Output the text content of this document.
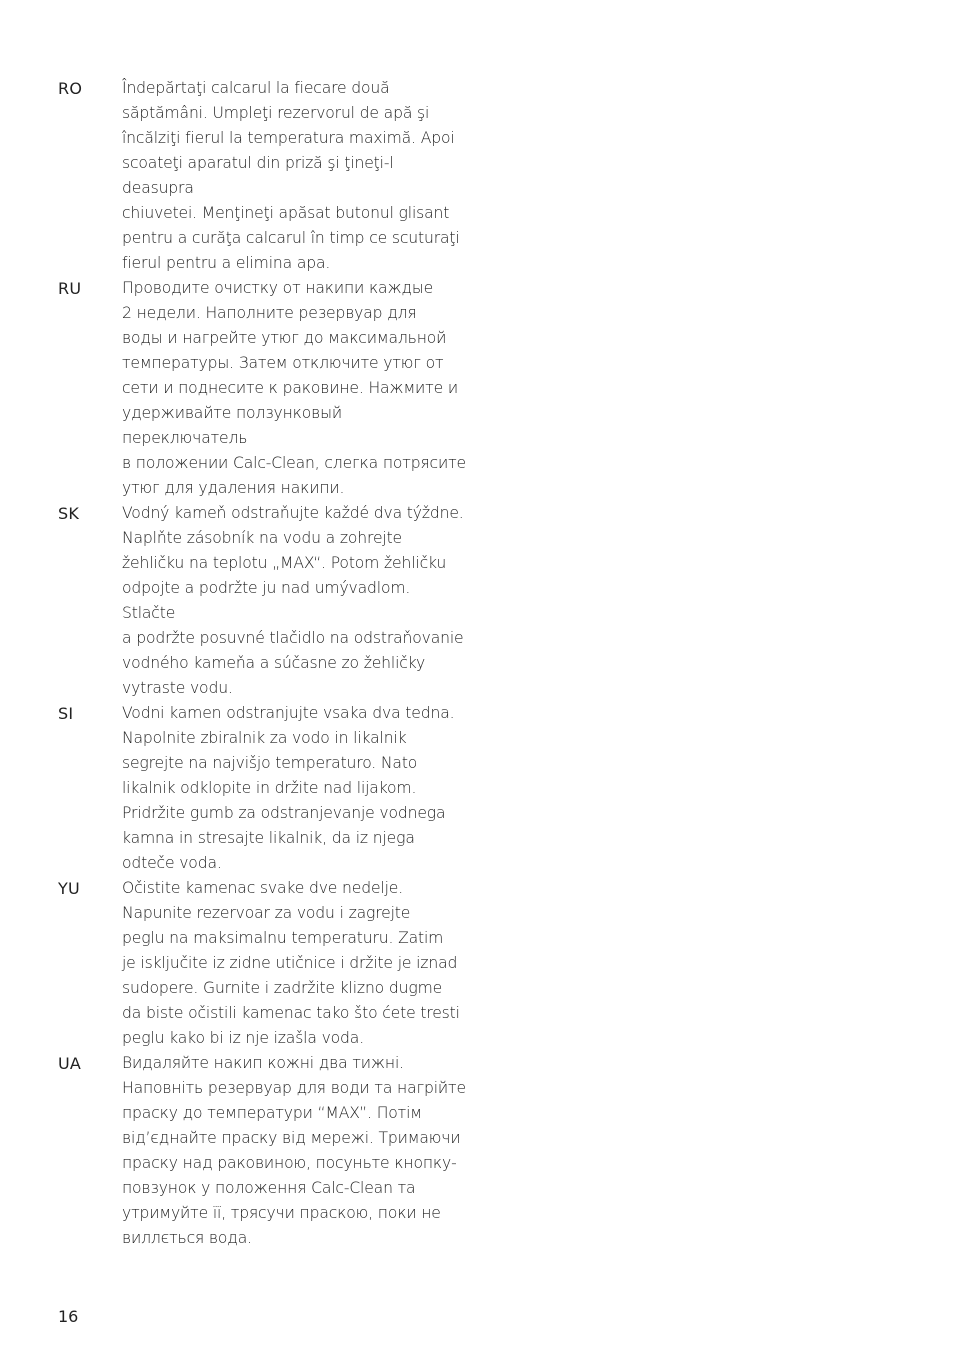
RO	Îndepărtaţi calcarul la fiecare două
săptămâni. Umpleţi rezervorul de apă şi
încălziţi fierul la temperatura maximă. Apoi
scoateţi aparatul din priză şi ţineţi-l deasupra
chiuvetei. Menţineţi apăsat butonul glisant
pentru a curăţa calcarul în timp ce scuturaţi
fierul pentru a elimina apa.
RU	Проводите очистку от накипи каждые
2 недели. Наполните резервуар для
воды и нагрейте утюг до максимальной
температуры. Затем отключите утюг от
сети и поднесите к раковине. Нажмите и
удерживайте ползунковый переключатель
в положении Calc-Clean, слегка потрясите
утюг для удаления накипи.
SK	Vodný kameň odstraňujte každé dva týždne.
Naplňte zásobník na vodu a zohrejte
žehličku na teplotu „MAX“. Potom žehličku
odpojte a podržte ju nad umývadlom. Stlačte
a podržte posuvné tlačidlo na odstraňovanie
vodného kameňa a súčasne zo žehličky
vytraste vodu.
SI	Vodni kamen odstranjujte vsaka dva tedna.
Napolnite zbiralnik za vodo in likalnik
segrejte na najvišjo temperaturo. Nato
likalnik odklopite in držite nad lijakom.
Pridržite gumb za odstranjevanje vodnega
kamna in stresajte likalnik, da iz njega
odteče voda.
YU	Očistite kamenac svake dve nedelje.
Napunite rezervoar za vodu i zagrejte
peglu na maksimalnu temperaturu. Zatim
je isključite iz zidne utičnice i držite je iznad
sudopere. Gurnite i zadržite klizno dugme
da biste očistili kamenac tako što ćete tresti
peglu kako bi iz nje izašla voda.
UA	Видаляйте накип кожні два тижні.
Наповніть резервуар для води та нагрійте
праску до температури “MAX”. Потім
від’єднайте праску від мережі. Тримаючи
праску над раковиною, посуньте кнопку-
повзунок у положення Calc-Clean та
утримуйте її, трясучи праскою, поки не
виллється вода.
16
